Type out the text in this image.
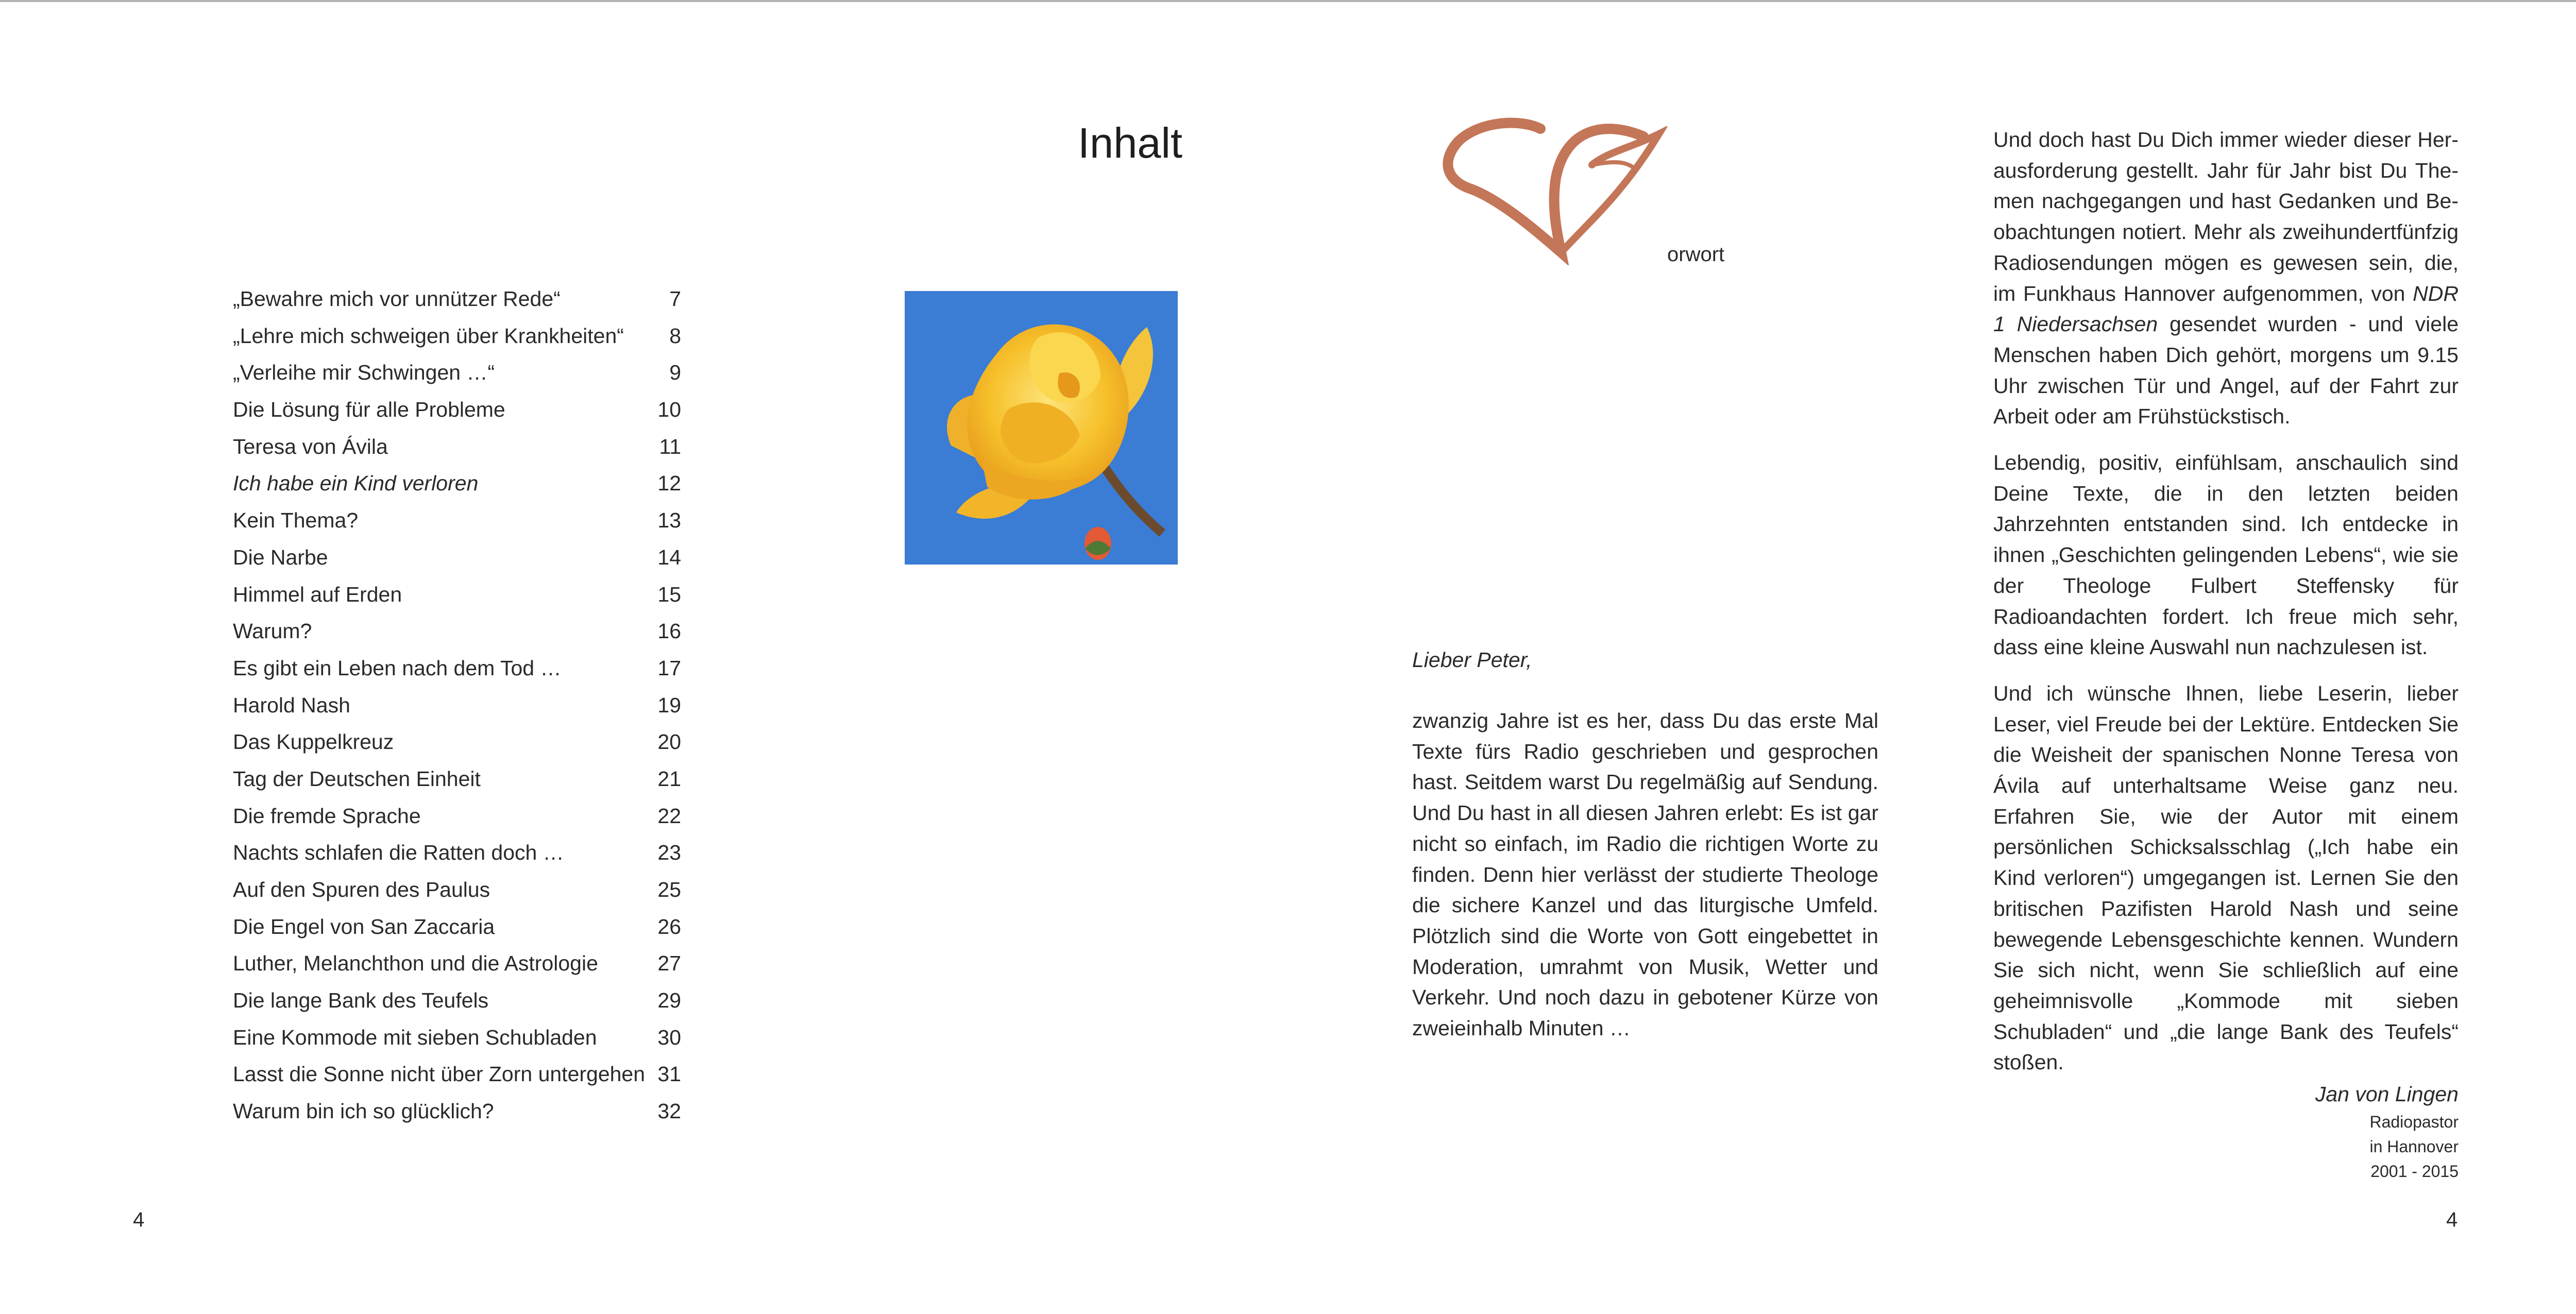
Inhalt
„Bewahre mich vor unnützer Rede“	7
„Lehre mich schweigen über Krankheiten“ 8
„Verleihe mir Schwingen …“	9
Die Lösung für alle Probleme	10
Teresa von Ávila	11
Ich habe ein Kind verloren	12
Kein Thema?	13
Die Narbe	14
Himmel auf Erden	15
Warum?	16
Es gibt ein Leben nach dem Tod …	17
Harold Nash	19
Das Kuppelkreuz	20
Tag der Deutschen Einheit	21
Die fremde Sprache	22
Nachts schlafen die Ratten doch …	23
Auf den Spuren des Paulus	25
Die Engel von San Zaccaria	26
Luther, Melanchthon und die Astrologie	27
Die lange Bank des Teufels	29
Eine Kommode mit sieben Schubladen	30
Lasst die Sonne nicht über Zorn untergehen 31
Warum bin ich so glücklich?	32
4
orwort
Lieber Peter,

zwanzig Jahre ist es her, dass Du das erste Mal Texte fürs Radio geschrieben und gesprochen hast. Seitdem warst Du regelmäßig auf Sendung. Und Du hast in all diesen Jahren erlebt: Es ist gar nicht so einfach, im Radio die richtigen Worte zu finden. Denn hier verlässt der studierte Theologe die sichere Kanzel und das liturgische Umfeld. Plötzlich sind die Worte von Gott eingebettet in Moderation, umrahmt von Musik, Wetter und Verkehr. Und noch dazu in gebotener Kürze von zweieinhalb Minuten …

Und doch hast Du Dich immer wieder dieser Herausforderung gestellt. Jahr für Jahr bist Du Themen nachgegangen und hast Gedanken und Beobachtungen notiert. Mehr als zweihundertfünfzig Radiosendungen mögen es gewesen sein, die, im Funkhaus Hannover aufgenommen, von NDR 1 Niedersachsen gesendet wurden - und viele Menschen haben Dich gehört, morgens um 9.15 Uhr zwischen Tür und Angel, auf der Fahrt zur Arbeit oder am Frühstückstisch.

Lebendig, positiv, einfühlsam, anschaulich sind Deine Texte, die in den letzten beiden Jahrzehnten entstanden sind. Ich entdecke in ihnen „Geschichten gelingenden Lebens“, wie sie der Theologe Fulbert Steffensky für Radioandachten fordert. Ich freue mich sehr, dass eine kleine Auswahl nun nachzulesen ist.

Und ich wünsche Ihnen, liebe Leserin, lieber Leser, viel Freude bei der Lektüre. Entdecken Sie die Weisheit der spanischen Nonne Teresa von Ávila auf unterhaltsame Weise ganz neu. Erfahren Sie, wie der Autor mit einem persönlichen Schicksalsschlag („Ich habe ein Kind verloren“) umgegangen ist. Lernen Sie den britischen Pazifisten Harold Nash und seine bewegende Lebensgeschichte kennen. Wundern Sie sich nicht, wenn Sie schließlich auf eine geheimnisvolle „Kommode mit sieben Schubladen“ und „die lange Bank des Teufels“ stoßen.

Jan von Lingen
Radiopastor
in Hannover
2001 - 2015
4
